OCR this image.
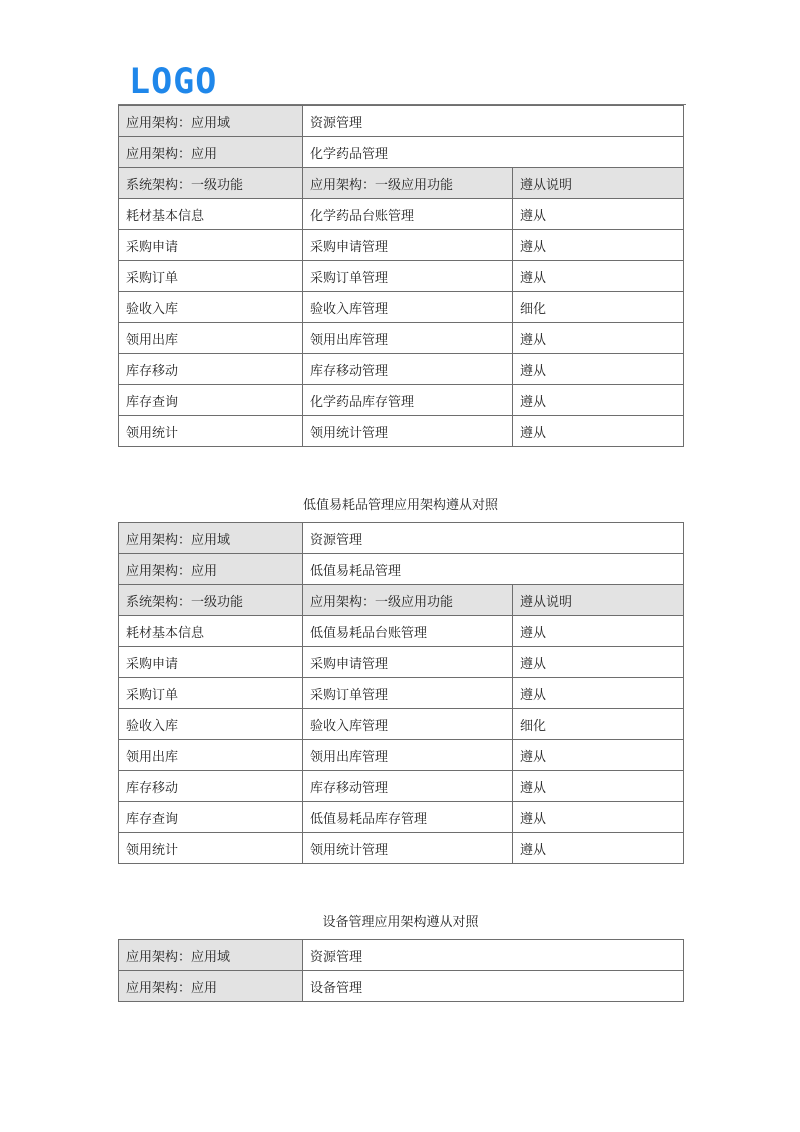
LOGO
应用架构：应用域	资源管理	
应用架构：应用	化学药品管理	
系统架构：一级功能	应用架构：一级应用功能	遵从说明
耗材基本信息	化学药品台账管理	遵从
采购申请	采购申请管理	遵从
采购订单	采购订单管理	遵从
验收入库	验收入库管理	细化
领用出库	领用出库管理	遵从
库存移动	库存移动管理	遵从
库存查询	化学药品库存管理	遵从
领用统计	领用统计管理	遵从
低值易耗品管理应用架构遵从对照
应用架构：应用域	资源管理	
应用架构：应用	低值易耗品管理	
系统架构：一级功能	应用架构：一级应用功能	遵从说明
耗材基本信息	低值易耗品台账管理	遵从
采购申请	采购申请管理	遵从
采购订单	采购订单管理	遵从
验收入库	验收入库管理	细化
领用出库	领用出库管理	遵从
库存移动	库存移动管理	遵从
库存查询	低值易耗品库存管理	遵从
领用统计	领用统计管理	遵从
设备管理应用架构遵从对照
应用架构：应用域	资源管理
应用架构：应用	设备管理
